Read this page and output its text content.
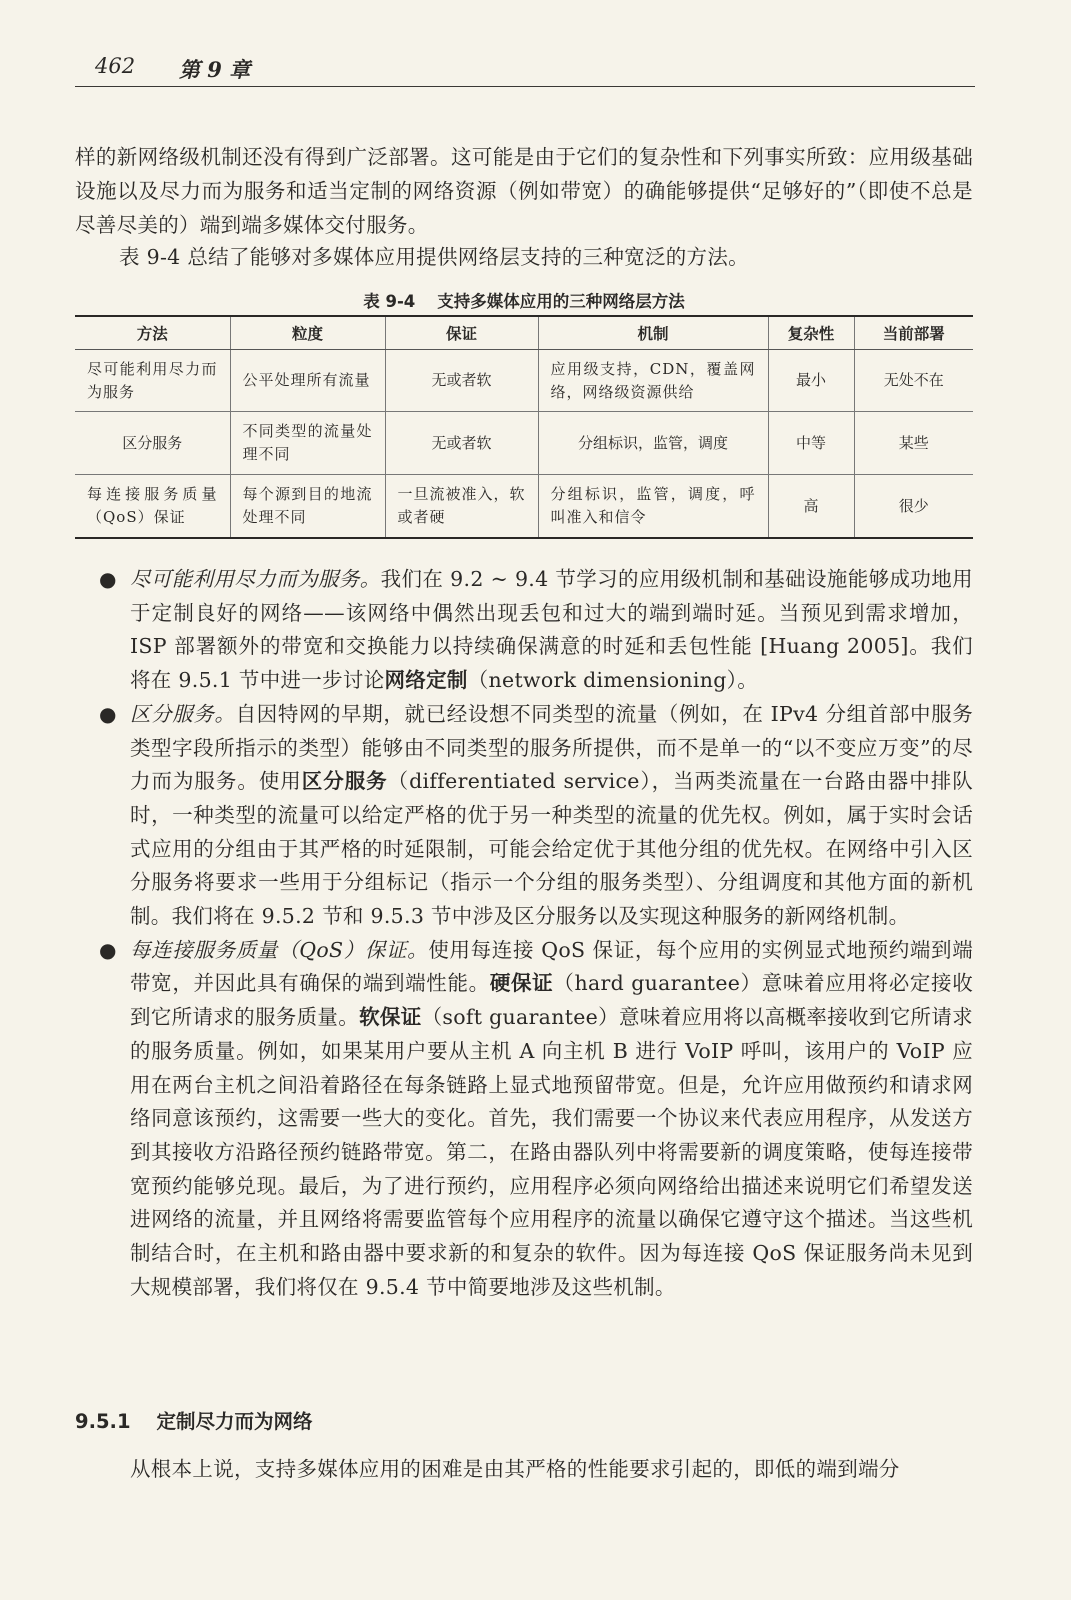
462 第 9 章
样的新网络级机制还没有得到广泛部署。这可能是由于它们的复杂性和下列事实所致：应用级基础设施以及尽力而为服务和适当定制的网络资源（例如带宽）的确能够提供“足够好的”（即使不总是尽善尽美的）端到端多媒体交付服务。
表 9-4 总结了能够对多媒体应用提供网络层支持的三种宽泛的方法。
表 9-4 支持多媒体应用的三种网络层方法
方法	粒度	保证	机制	复杂性	当前部署
尽可能利用尽力而为服务	公平处理所有流量	无或者软	应用级支持，CDN，覆盖网络，网络级资源供给	最小	无处不在
区分服务	不同类型的流量处理不同	无或者软	分组标识，监管，调度	中等	某些
每连接服务质量（QoS）保证	每个源到目的地流处理不同	一旦流被准入，软或者硬	分组标识，监管，调度，呼叫准入和信令	高	很少
● 尽可能利用尽力而为服务。我们在 9.2 ~ 9.4 节学习的应用级机制和基础设施能够成功地用于定制良好的网络——该网络中偶然出现丢包和过大的端到端时延。当预见到需求增加，ISP 部署额外的带宽和交换能力以持续确保满意的时延和丢包性能 [Huang 2005]。我们将在 9.5.1 节中进一步讨论网络定制（network dimensioning）。
● 区分服务。自因特网的早期，就已经设想不同类型的流量（例如，在 IPv4 分组首部中服务类型字段所指示的类型）能够由不同类型的服务所提供，而不是单一的“以不变应万变”的尽力而为服务。使用区分服务（differentiated service），当两类流量在一台路由器中排队时，一种类型的流量可以给定严格的优于另一种类型的流量的优先权。例如，属于实时会话式应用的分组由于其严格的时延限制，可能会给定优于其他分组的优先权。在网络中引入区分服务将要求一些用于分组标记（指示一个分组的服务类型）、分组调度和其他方面的新机制。我们将在 9.5.2 节和 9.5.3 节中涉及区分服务以及实现这种服务的新网络机制。
● 每连接服务质量（QoS）保证。使用每连接 QoS 保证，每个应用的实例显式地预约端到端带宽，并因此具有确保的端到端性能。硬保证（hard guarantee）意味着应用将必定接收到它所请求的服务质量。软保证（soft guarantee）意味着应用将以高概率接收到它所请求的服务质量。例如，如果某用户要从主机 A 向主机 B 进行 VoIP 呼叫，该用户的 VoIP 应用在两台主机之间沿着路径在每条链路上显式地预留带宽。但是，允许应用做预约和请求网络同意该预约，这需要一些大的变化。首先，我们需要一个协议来代表应用程序，从发送方到其接收方沿路径预约链路带宽。第二，在路由器队列中将需要新的调度策略，使每连接带宽预约能够兑现。最后，为了进行预约，应用程序必须向网络给出描述来说明它们希望发送进网络的流量，并且网络将需要监管每个应用程序的流量以确保它遵守这个描述。当这些机制结合时，在主机和路由器中要求新的和复杂的软件。因为每连接 QoS 保证服务尚未见到大规模部署，我们将仅在 9.5.4 节中简要地涉及这些机制。
9.5.1 定制尽力而为网络
从根本上说，支持多媒体应用的困难是由其严格的性能要求引起的，即低的端到端分
